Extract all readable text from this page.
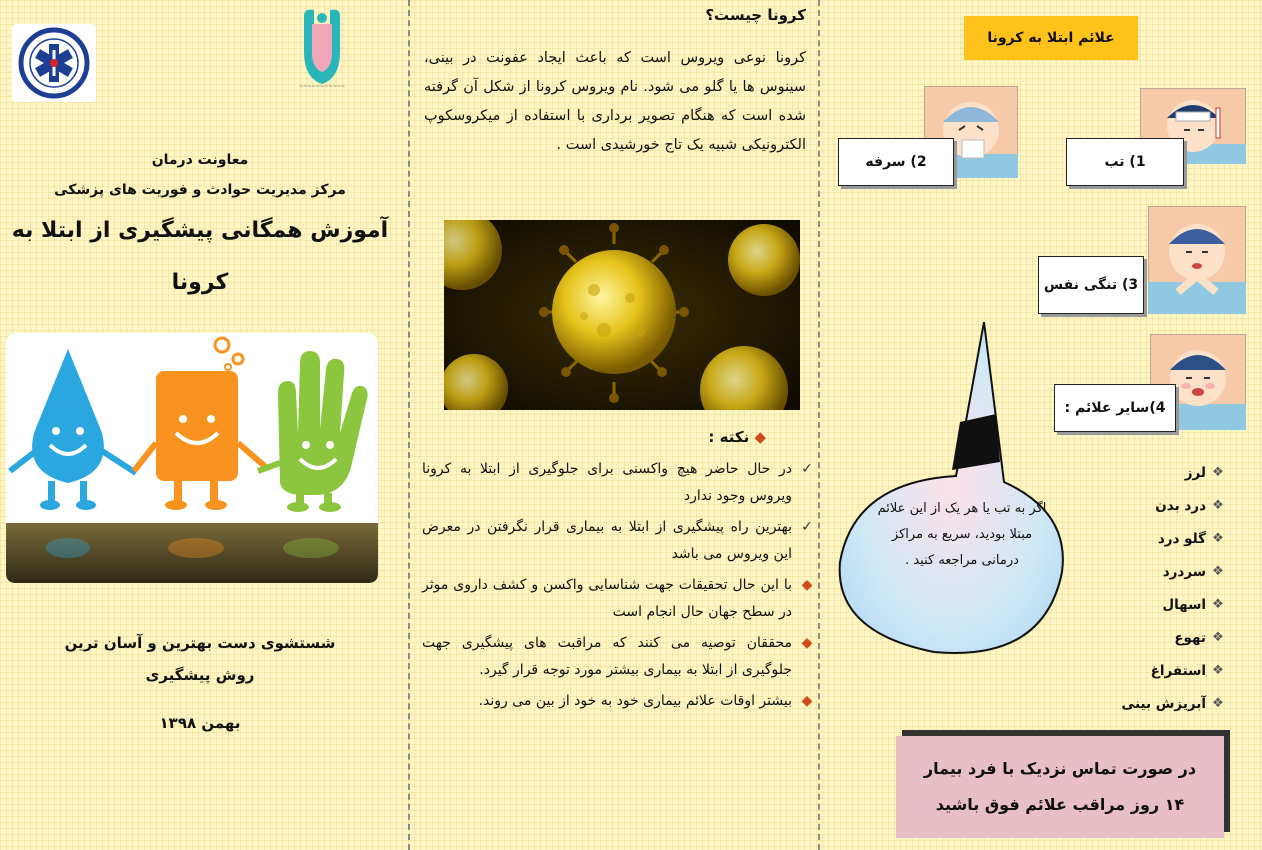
~~~~~~~~~~~
معاونت درمان
مرکز مدیریت حوادث و فوریت های پزشکی
آموزش همگانی پیشگیری از ابتلا به
کرونا
شستشوی دست بهترین و آسان ترین
روش پیشگیری
بهمن ۱۳۹۸
کرونا چیست؟
کرونا نوعی ویروس است که باعث ایجاد عفونت در بینی، سینوس ها یا گلو می شود. نام ویروس کرونا از شکل آن گرفته شده است که هنگام تصویر برداری با استفاده از میکروسکوپ الکترونیکی شبیه یک تاج خورشیدی است .
◆ نکته :
✓
در حال حاضر هیچ واکسنی برای جلوگیری از ابتلا به کرونا ویروس وجود ندارد
✓
بهترین راه پیشگیری از ابتلا به بیماری قرار نگرفتن در معرض این ویروس می باشد
◆
با این حال تحقیقات جهت شناسایی واکسن و کشف داروی موثر در سطح جهان حال انجام است
◆
محققان توصیه می کنند که مراقبت های پیشگیری جهت جلوگیری از ابتلا به بیماری بیشتر مورد توجه قرار گیرد.
◆
بیشتر اوقات علائم بیماری خود به خود از بین می روند.
علائم ابتلا به کرونا
1) تب
2) سرفه
3) تنگی نفس
4)سایر علائم :
❖
لرز
❖
درد بدن
❖
گلو درد
❖
سردرد
❖
اسهال
❖
تهوع
❖
استفراغ
❖
آبریزش بینی
اگر به تب یا هر یک از این علائم مبتلا بودید، سریع به مراکز درمانی مراجعه کنید .
در صورت تماس نزدیک با فرد بیمار
۱۴ روز مراقب علائم فوق باشید
